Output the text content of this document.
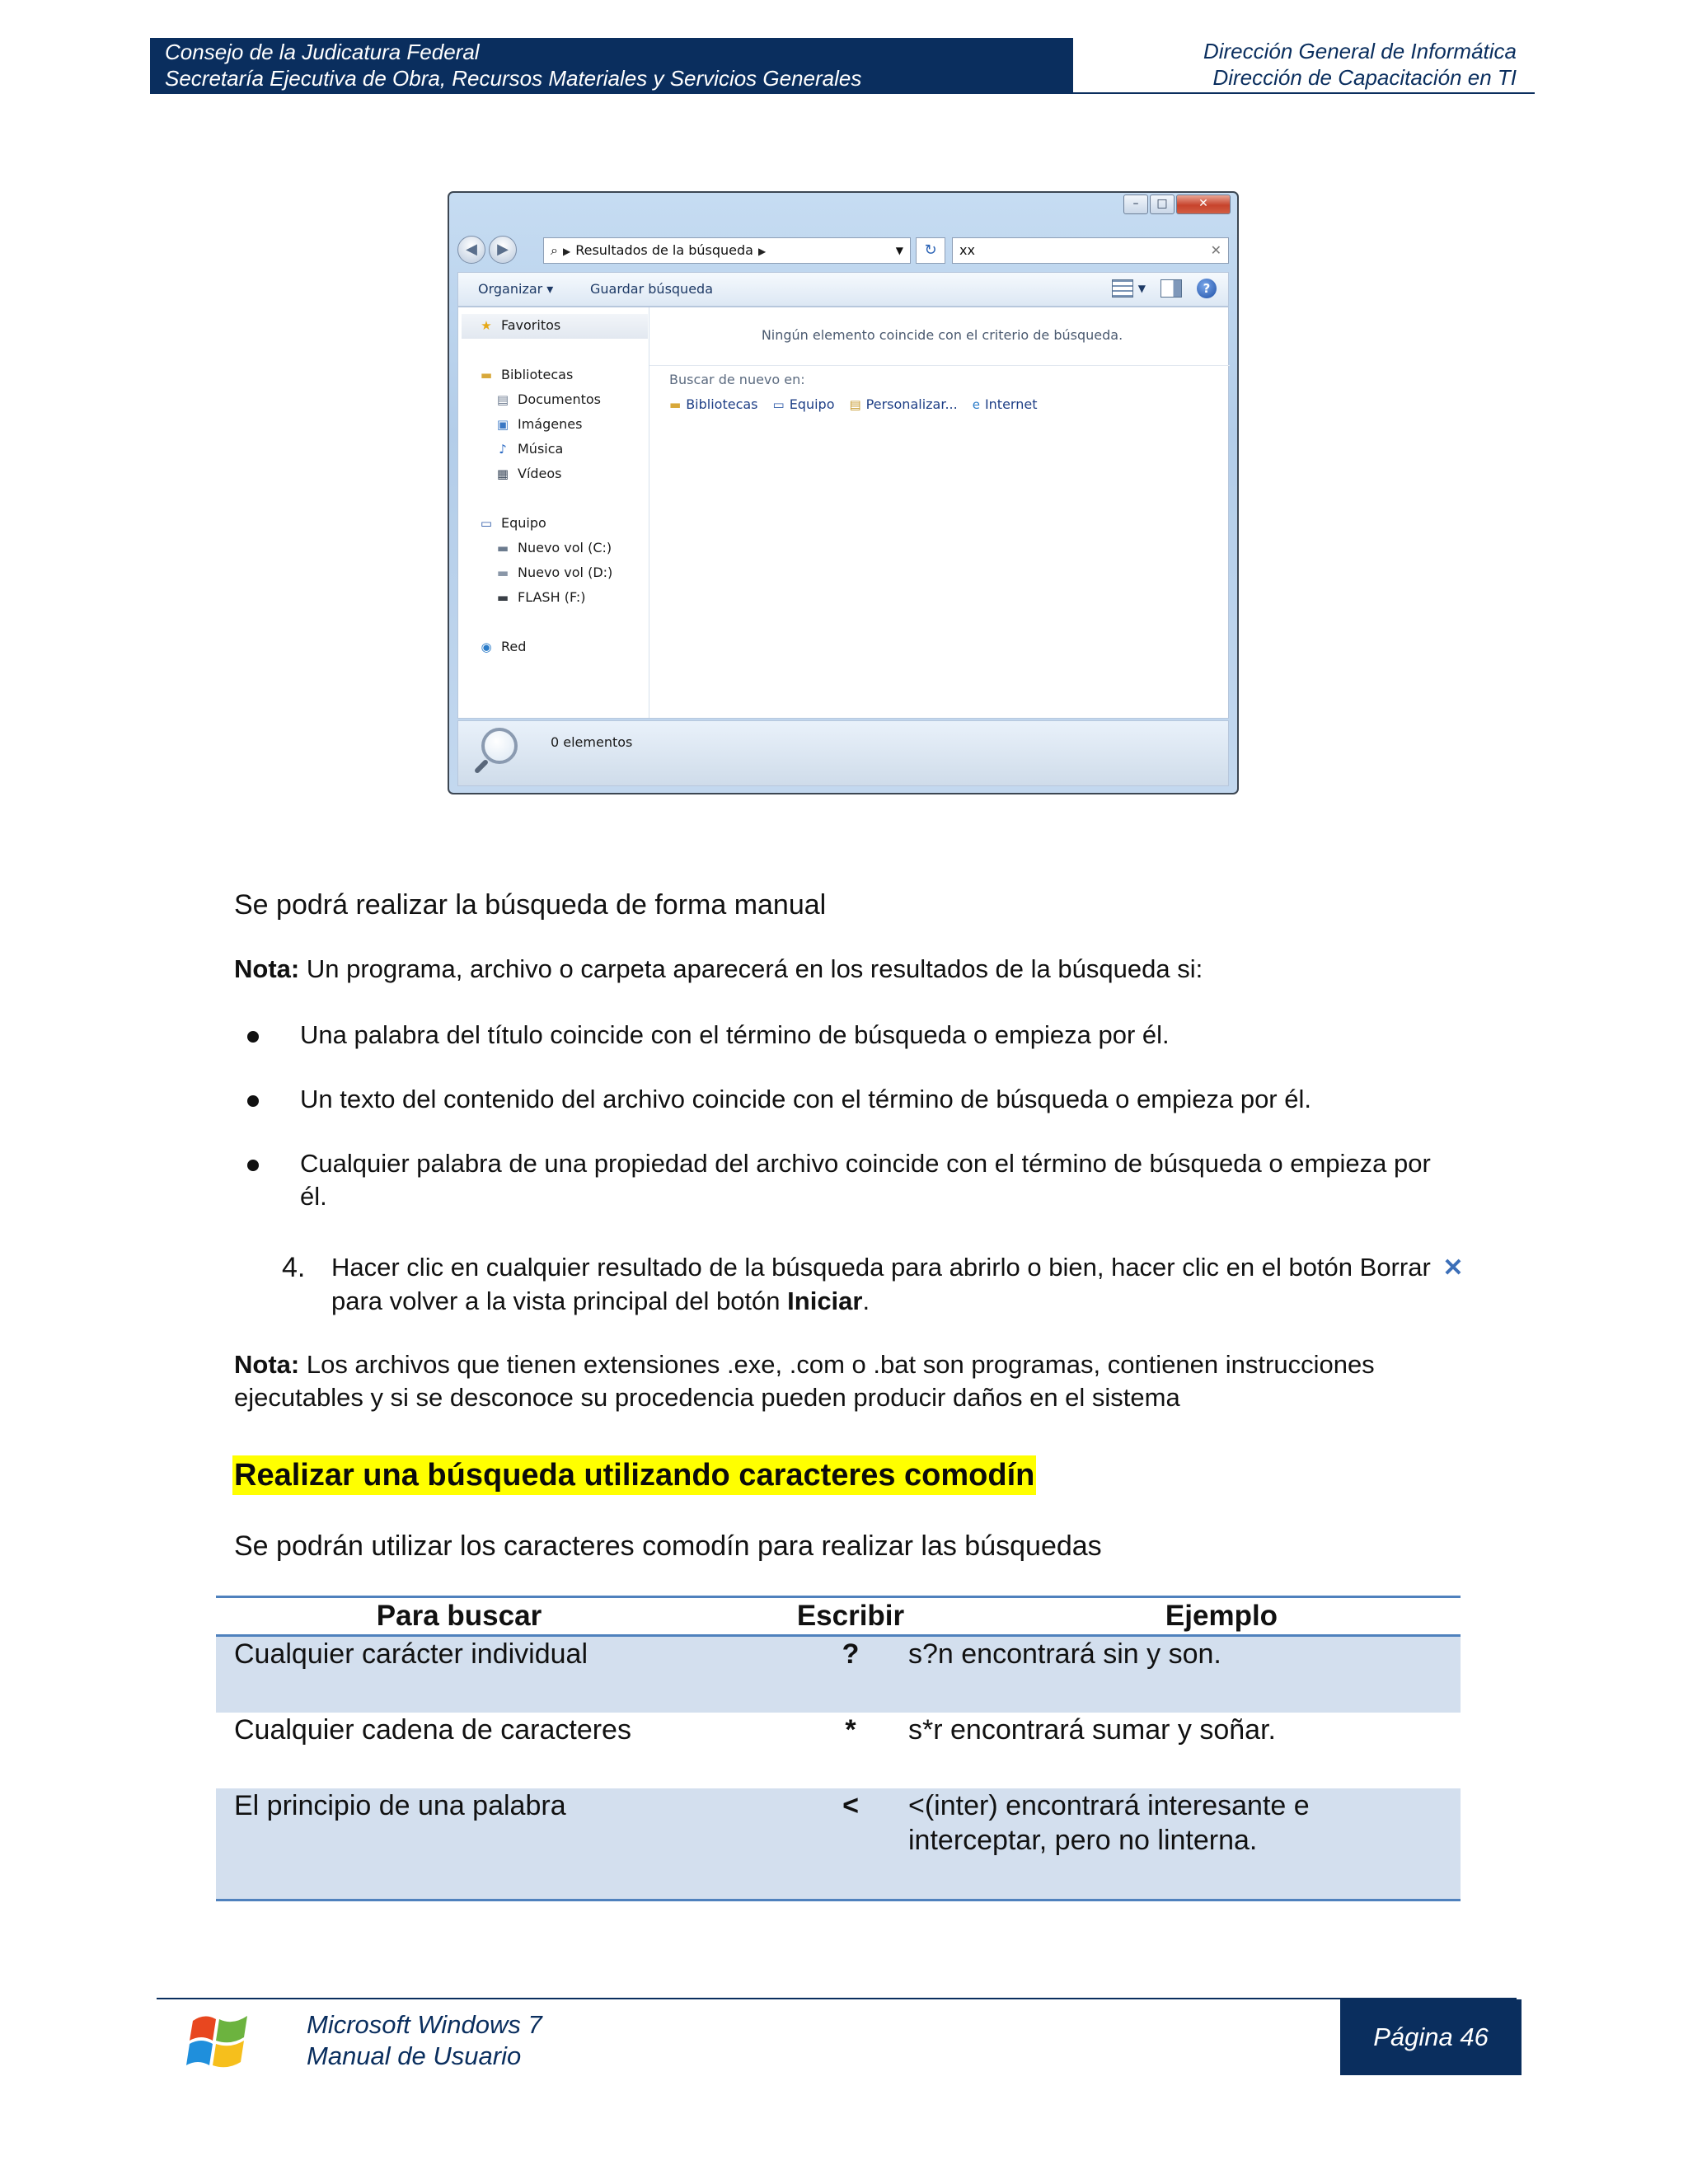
Consejo de la Judicatura Federal
Secretaría Ejecutiva de Obra, Recursos Materiales y Servicios Generales
Dirección General de Informática
Dirección de Capacitación en TI
–	□	✕
◀	▶	⌕ ▶ Resultados de la búsqueda ▶	▼	↻	xx	✕
Organizar ▾	Guardar búsqueda	▼	?
★ Favoritos
▬ Bibliotecas
▤ Documentos
▣ Imágenes
♪ Música
▦ Vídeos
▭ Equipo
▬ Nuevo vol (C:)
▬ Nuevo vol (D:)
▬ FLASH (F:)
◉ Red
Ningún elemento coincide con el criterio de búsqueda.
Buscar de nuevo en:
▬ Bibliotecas ▭ Equipo ▤ Personalizar... e Internet
0 elementos
Se podrá realizar la búsqueda de forma manual
Nota: Un programa, archivo o carpeta aparecerá en los resultados de la búsqueda si:
Una palabra del título coincide con el término de búsqueda o empieza por él.
Un texto del contenido del archivo coincide con el término de búsqueda o empieza por él.
Cualquier palabra de una propiedad del archivo coincide con el término de búsqueda o empieza por él.
4. Hacer clic en cualquier resultado de la búsqueda para abrirlo o bien, hacer clic en el botón Borrar ✕ para volver a la vista principal del botón Iniciar.
Nota: Los archivos que tienen extensiones .exe, .com o .bat son programas, contienen instrucciones ejecutables y si se desconoce su procedencia pueden producir daños en el sistema
Realizar una búsqueda utilizando caracteres comodín
Se podrán utilizar los caracteres comodín para realizar las búsquedas
Para buscar	Escribir	Ejemplo
Cualquier carácter individual	?	s?n encontrará sin y son.
Cualquier cadena de caracteres	*	s*r encontrará sumar y soñar.
El principio de una palabra	<	<(inter) encontrará interesante e interceptar, pero no linterna.
Microsoft Windows 7
Manual de Usuario
Página 46
